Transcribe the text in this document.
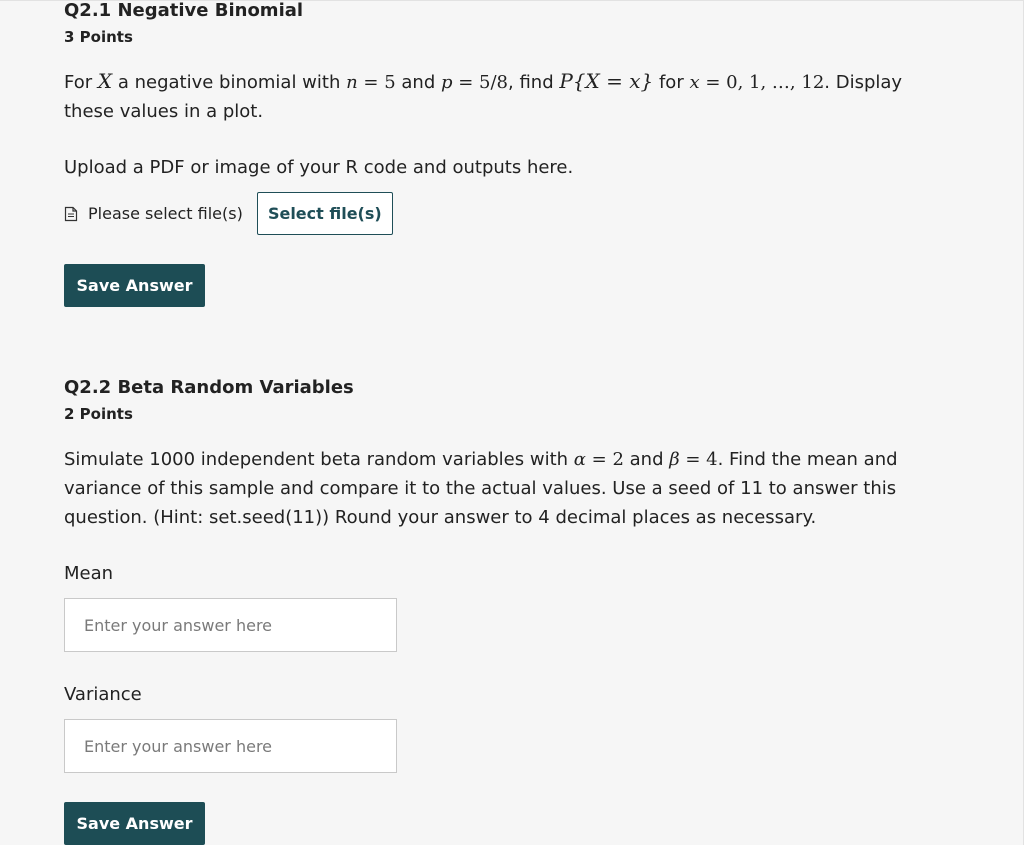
Q2.1 Negative Binomial
3 Points
For X a negative binomial with n = 5 and p = 5/8, find P{X = x} for x = 0, 1, …, 12. Display these values in a plot.
Upload a PDF or image of your R code and outputs here.
Please select file(s)	Select file(s)
Save Answer
Q2.2 Beta Random Variables
2 Points
Simulate 1000 independent beta random variables with α = 2 and β = 4. Find the mean and variance of this sample and compare it to the actual values. Use a seed of 11 to answer this question. (Hint: set.seed(11)) Round your answer to 4 decimal places as necessary.
Mean
Enter your answer here
Variance
Enter your answer here
Save Answer
